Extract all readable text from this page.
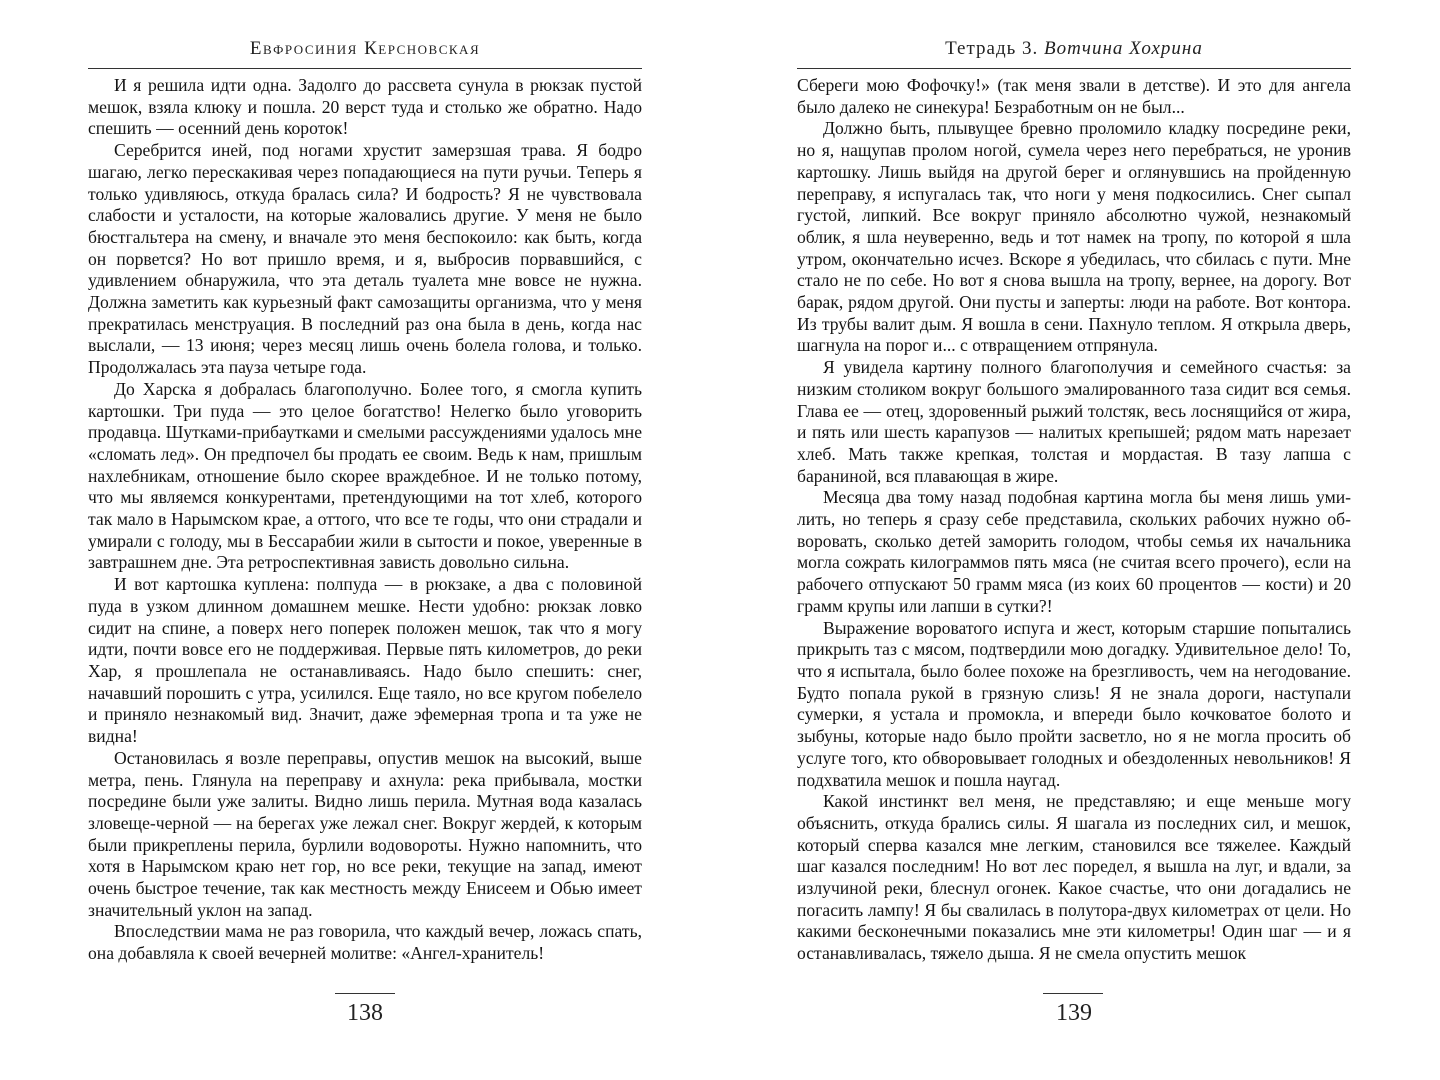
Евфросиния Керсновская

И я решила идти одна. Задолго до рассвета сунула в рюкзак пустой мешок, взяла клюку и пошла. 20 верст туда и столько же обратно. Надо спешить — осенний день короток!

Серебрится иней, под ногами хрустит замерзшая трава. Я бодро шагаю, легко перескакивая через попадающиеся на пути ручьи. Теперь я только удивляюсь, откуда бралась сила? И бодрость? Я не чувствовала слабости и усталости, на которые жаловались другие. У меня не было бюстгальтера на смену, и вначале это меня беспокоило: как быть, когда он порвется? Но вот пришло время, и я, выбросив порвавшийся, с удивлением обнаружила, что эта деталь туалета мне вовсе не нужна. Должна заметить как курьезный факт самозащиты организма, что у меня прекратилась менструация. В последний раз она была в день, когда нас выслали, — 13 июня; через месяц лишь очень болела голова, и только. Продолжалась эта пауза четыре года.

До Харска я добралась благополучно. Более того, я смогла купить картошки. Три пуда — это целое богатство! Нелегко было уговорить продавца. Шутками-прибаутками и смелыми рассуждениями удалось мне «сломать лед». Он предпочел бы продать ее своим. Ведь к нам, пришлым нахлебникам, отношение было скорее враждебное. И не только потому, что мы являемся конкурентами, претендующими на тот хлеб, которого так мало в Нарымском крае, а оттого, что все те годы, что они страдали и умирали с голоду, мы в Бессарабии жили в сытости и покое, уверенные в завтрашнем дне. Эта ретроспективная зависть довольно сильна.

И вот картошка куплена: полпуда — в рюкзаке, а два с половиной пуда в узком длинном домашнем мешке. Нести удобно: рюкзак ловко сидит на спине, а поверх него поперек положен мешок, так что я могу идти, почти вовсе его не поддерживая. Первые пять километров, до реки Хар, я прошлепала не останавливаясь. Надо было спешить: снег, начавший порошить с утра, усилился. Еще таяло, но все кругом побелело и приняло незнакомый вид. Значит, даже эфемерная тропа и та уже не видна!

Остановилась я возле переправы, опустив мешок на высокий, выше метра, пень. Глянула на переправу и ахнула: река прибывала, мостки посредине были уже залиты. Видно лишь перила. Мутная вода казалась зловеще-черной — на берегах уже лежал снег. Вокруг жердей, к которым были прикреплены перила, бурлили водовороты. Нужно напомнить, что хотя в Нарымском краю нет гор, но все реки, текущие на запад, имеют очень быстрое течение, так как местность между Енисеем и Обью имеет значительный уклон на запад.

Впоследствии мама не раз говорила, что каждый вечер, ложась спать, она добавляла к своей вечерней молитве: «Ангел-хранитель!

138
Тетрадь 3. Вотчина Хохрина

Сбереги мою Фофочку!» (так меня звали в детстве). И это для ангела было далеко не синекура! Безработным он не был...

Должно быть, плывущее бревно проломило кладку посредине реки, но я, нащупав пролом ногой, сумела через него перебраться, не уронив картошку. Лишь выйдя на другой берег и оглянувшись на пройденную переправу, я испугалась так, что ноги у меня подкосились. Снег сыпал густой, липкий. Все вокруг приняло абсолютно чужой, незнакомый облик, я шла неуверенно, ведь и тот намек на тропу, по которой я шла утром, окончательно исчез. Вскоре я убедилась, что сбилась с пути. Мне стало не по себе. Но вот я снова вышла на тропу, вернее, на дорогу. Вот барак, рядом другой. Они пусты и заперты: люди на работе. Вот контора. Из трубы валит дым. Я вошла в сени. Пахнуло теплом. Я открыла дверь, шагнула на порог и... с отвращением отпрянула.

Я увидела картину полного благополучия и семейного счастья: за низким столиком вокруг большого эмалированного таза сидит вся семья. Глава ее — отец, здоровенный рыжий толстяк, весь лоснящийся от жира, и пять или шесть карапузов — налитых крепышей; рядом мать нарезает хлеб. Мать также крепкая, толстая и мордастая. В тазу лапша с бараниной, вся плавающая в жире.

Месяца два тому назад подобная картина могла бы меня лишь умилить, но теперь я сразу себе представила, скольких рабочих нужно обворовать, сколько детей заморить голодом, чтобы семья их начальника могла сожрать килограммов пять мяса (не считая всего прочего), если на рабочего отпускают 50 грамм мяса (из коих 60 процентов — кости) и 20 грамм крупы или лапши в сутки?!

Выражение вороватого испуга и жест, которым старшие попытались прикрыть таз с мясом, подтвердили мою догадку. Удивительное дело! То, что я испытала, было более похоже на брезгливость, чем на негодование. Будто попала рукой в грязную слизь! Я не знала дороги, наступали сумерки, я устала и промокла, и впереди было кочковатое болото и зыбуны, которые надо было пройти засветло, но я не могла просить об услуге того, кто обворовывает голодных и обездоленных невольников! Я подхватила мешок и пошла наугад.

Какой инстинкт вел меня, не представляю; и еще меньше могу объяснить, откуда брались силы. Я шагала из последних сил, и мешок, который сперва казался мне легким, становился все тяжелее. Каждый шаг казался последним! Но вот лес поредел, я вышла на луг, и вдали, за излучиной реки, блеснул огонек. Какое счастье, что они догадались не погасить лампу! Я бы свалилась в полутора-двух километрах от цели. Но какими бесконечными показались мне эти километры! Один шаг — и я останавливалась, тяжело дыша. Я не смела опустить мешок

139
